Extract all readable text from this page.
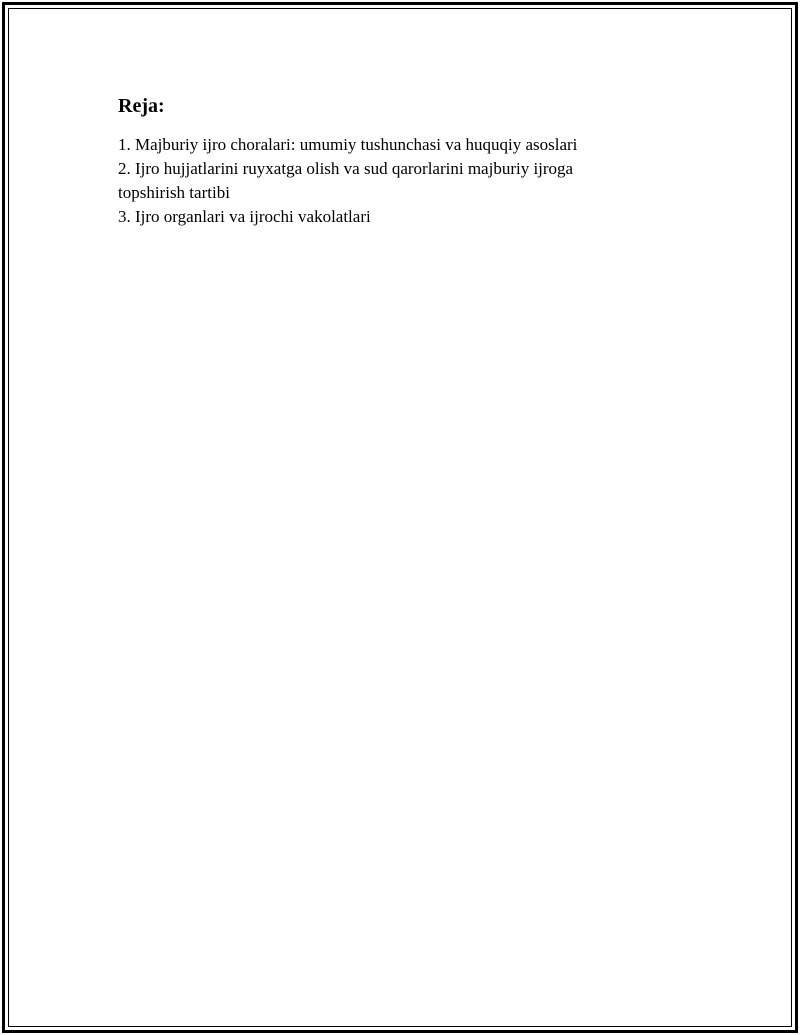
Reja:
1. Majburiy ijro choralari: umumiy tushunchasi va huquqiy asoslari
2. Ijro hujjatlarini ruyxatga olish va sud qarorlarini majburiy ijroga topshirish tartibi
3. Ijro organlari va ijrochi vakolatlari
